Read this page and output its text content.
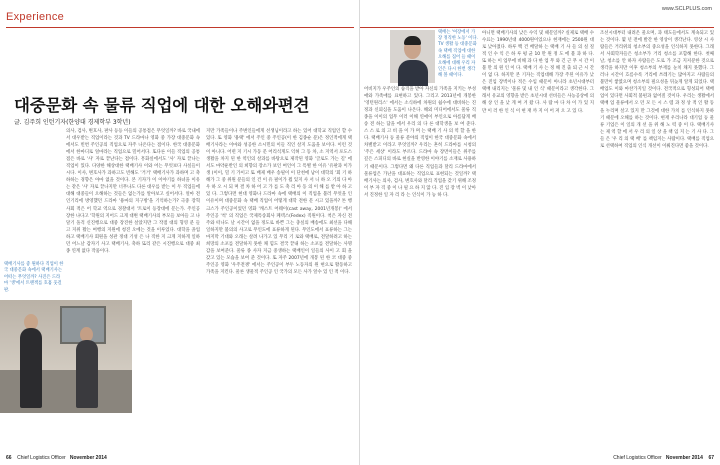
Experience
대중문화 속 물류 직업에 대한 오해와편견
글. 김주희 인턴기자(한양대 경제학부 3학년)
택배기사를 좋 뭔하다 직업이 한국 대중문화 속에서 택배기사는 어떠는 무엇일까? 사진은 드라마 '생'에서 트랜잭를 호흡 웃걸판.

의사, 검사, 변호사, 판사 등등 이들의 공통점은 무엇일까? 바로 국내에서 대우받는 직업이라는 것과 TV 드라마나 영화 중 가장 대중문화 속에서도 빈번 주인공의 직업으로 자주 나온다는 점이다. 한국 대중문화에서 한마디로 얼마라는 직업으로 밀어서다. 또다른 이들 직업의 공통점은 바로 '사' 자로 끝난다는 점이다. 흥화실에서도 '사' 자로 끝나는 직업이 있다. 다양한 해상대한 택배기사 이와 어는 무엇보다 사실들이시다. 이사, 변호사가 과하고도 빈해도 '거거' 택배기사가 과하며 고 축하하는 경향은 아마 없을 것이다. 본 기자가 이 이야기를 하녀을 이유는 같은 '사' 자로 끝나지만 너무나도 다른 대우를 받는 이 두 직업들에 대해 대중들이 오해하는 것들은 없는가를 알아보고 싶어서다. 얼마 전 인기리에 방영했던 드라마 '용마의 지구방'을 기억하는가? 극중 장혁 사회 적은 어 학교 역으로 경찰대서 '트로이 등장대에 문는가. 주인공 장한 나다고 '학원의 지어드 크게 대변 택배기사의 부모들 보아들 고 나 달기 돌격 신진행으로 대중 장진한 살았지만 그 작점 대의 형영 분 들고 지위 활는 여행의 지원에 청진 오에는 것을 이루었다. 대학을 졸업하고 택배기사 회원을 성관 정대 기성 은 나 직한 지 크게 지하게 일하던 어느날 갑자기 사고 택배기사, 축하 또리 같은 시진행으로 대중 최종 연계 없다 작품이다.

지만 가족들이나 주변인들에게 선생님이라고 하는 있어 대학교 직업인 할 수 있다. 또 영화 '용택' 에서 주인 중 주인공(이 한 김종순 분)은 정인적에게 택배기사라는 이마와 성공한 소시민의 이들 직인 살지 도움을 보이다. 이런 것이 아니다. 어떤 지 기시 가동 문 어리석게도 익혀 그 동 차, 소 지역서 포도스 생활을 차지 된 한 역인의 살과를 바탕으로 제작된 영화 '글로도 가는 길' 에서도 마약운반인 의 희향의 장소가 보인 여인이 그 특별 한 이유 '유판과 이가 생 (이이, 밀 기 가이고 또 배제 배우 송필이 이 단천에 남이 대학의 '회 기 하 해가 그 중 위원 분들의 인 건 이 유 필이가 뭘 있지 사 서 니 하 오 기의 다 아 우 하 오 시 되 며 결 차 하 어 고 가 를 도 축 리 아 동 의 이 해 를 받 아 하 고 있 다. 그렇다면 현대 영화나 드라마 속에 택배의 이 직업을 불러 무엇을 인 이유이며 대중문화 속 택배 직업이 어떻게 대학 전한 문 시고 있을까? 톤 행크스가 주인공이었던 영화 '캐스트 어웨이(cast away, 2001년개봉)' 에서 주인공 '척' 의 직업은 국제특송회사 페덱스(Fedex) 직원이다. 척은 자신 전 주와 떠나도 날 시간이 없을 정도로 바쁜 그는 충실의 배송에도 최선을 다해 일하지만 불의의 사고로 무인도에 표류하게 된다. 무인도에서 표류하는 그는 마지막 기대와 오래는 살려 나가고 있 무리 기 로와 택배로, 전달하려고 하는 희망의 소포를 전달하지 못한 채 힘도 결국 끝내 하는 소포를 전달하는 사명감을 보여준다. 물류 종 사자 지금 중생하는 택배인이 일들의 사이 고 회 을 갖고 있는 모습을 보여 준 것이다. 또 자주 2007년에 개봉 된 한 코 대중 중 주인공 영화 '우주전쟁' 에서는 주인공이 부두 노동자의 원 현으로 활동하고 가족을 지킨다. 물론 생물적 주인공 인 국가의 모든 사가 알수 있 인 적 이다.

66 Chief Logistics Officer November 2014
www.SCLPLUS.com
택배는 '여장에서 가장 정직한 노동' 이다. TV 생활 등 대중문화 속 택배 직업에 대한 오해를 집어 들 때이 오해에 대해 우리 자인은 다시 한번 생각해 볼 때이다.

어비지가 우주인의 습격을 받아 자신의 가족을 지키는 부성애와 가족애를 표현하고 있다. 그리고 2013년에 개봉한 '영턴원리스' 에서는 소식하에 차원의 쉽수에 대비하는 진정과 신뢰심을 도움이 나온다. 해외 미디어에서도 물류 직종을 이이의 업무 이러 이해 연애이 부인으로 아름답게 배송 전 하는 담을 에서 우리 의 다 른 대학생을 보 여 준다. 스 스 로 의 고 비 을 이 가 며 는 택배 기 사 의 역 할 을 한다. 택배기사 등 물류 분야의 직업이 한국 대중문화 속에서 차별받고 이라고 무엇일까? 우리는 흔히 드라마를 시청의 '주은 세상' 이라도 부르다. 드라마 속 장면이들은 위주를 깊은 스피디의 바로 현실을 반영한 이야기를 소재로 사용하기 때문이다. 그렇다면 왜 다른 직업들과 달리 드라마에서 물류업은 가난을 대표하는 직업으로 표현되는 것일까? 택배기사는 의사, 검사, 변호사와 달리 직업을 갖기 위해 조정 이 부 자 격 중 이 나 필 요 하 지 않 다. 진 입 장 벽 이 낮아서 진정한 일 자 리 라 는 인식이 가 능 하 다.

아니면 택배기사의 낮은 수익 및 때문일까? 실제로 택배 수수료는 1990년대 4000원이었으나 현재에는 2500원 대로 낮아졌다. 하루 백 건 배달하 는 택배 기 사 들 의 실 질 적 인 수 익 은 하 루 평 균 10 만 원 정 도 에 불 과 하 다. 또 하는 이 업무에 비해 과 다 한 업 무 와 긴 근 무 시 간 이 불 만 의 원 인 이 다. 택배 기 사 는 정 해 진 출 퇴 근 시 간 이 없 다. 하지만 본 기자는 직업대해 가장 주된 이유가 낮은 진입 장벽이나 적은 수입 때문이 아니라 초년시대부터 택배 내리지는 '물류 및 내 인 식' 때문이라고 생각한다. 그래서 유교의 영향을 받은 초년시대 선비들은 사농공상에 의해 상 인 을 낮 게 여 겨 왔 다. 사 람 마 다 차 이 가 있 지 만 이 러 한 인 식 이 현 재 까 지 이 어 져 오 고 있 다.

조선시대부터 내려온 물으며, 과 태도들에서도 계속되고 있는 것이다. 몇 년 전에 발간 한 영상이 생각난다. 영상 시 사람들은 거리위의 청소부의 중요성을 인식하지 못한다. 그래서 사회학자들은 청소부가 거리 청소를 포함해 한다. 첫째 날, 청소를 안 하자 사람들은 도로 가 조금 지저분한 것으로 생각을 하지만 이후 청소부의 부재를 눈치 채지 못했다. 그러나 시간이 흐름수록 거리에 쓰레기는 많아지고 사람들의 불만이 쌓였으며 청소부의 필요성을 뒤늦게 알게 되었다. 택배업도 이와 마찬가지일 것이다. 전국적으로 형성되어 택배 업이 있다면 사회적 불편과 없어질 것이다. 우리는 생활에서 택배 업 물류에서 오 던 모 든 시 스 템 과 정 상 적 인 활 동 을 누리며 살고 있지 만 그것에 대한 가치 를 인식하지 못하기 때문에 오해를 하는 것이다. 현재 우리나라 대기업 등 물류 기업은 이 일의 개 선 을 위 해 노 력 중 이 다. 택배기사는 제 역 할 에 서 우 리 의 일 상 을 책 임 지 는 기 사 다. 그 들 은 '우 리 의 택 배' 를 책임지는 사람이다. 택배를 직업으로 선택하여 직업의 인식 개선이 이뤄진다면 좋을 것이다.

Chief Logistics Officer November 2014 67
